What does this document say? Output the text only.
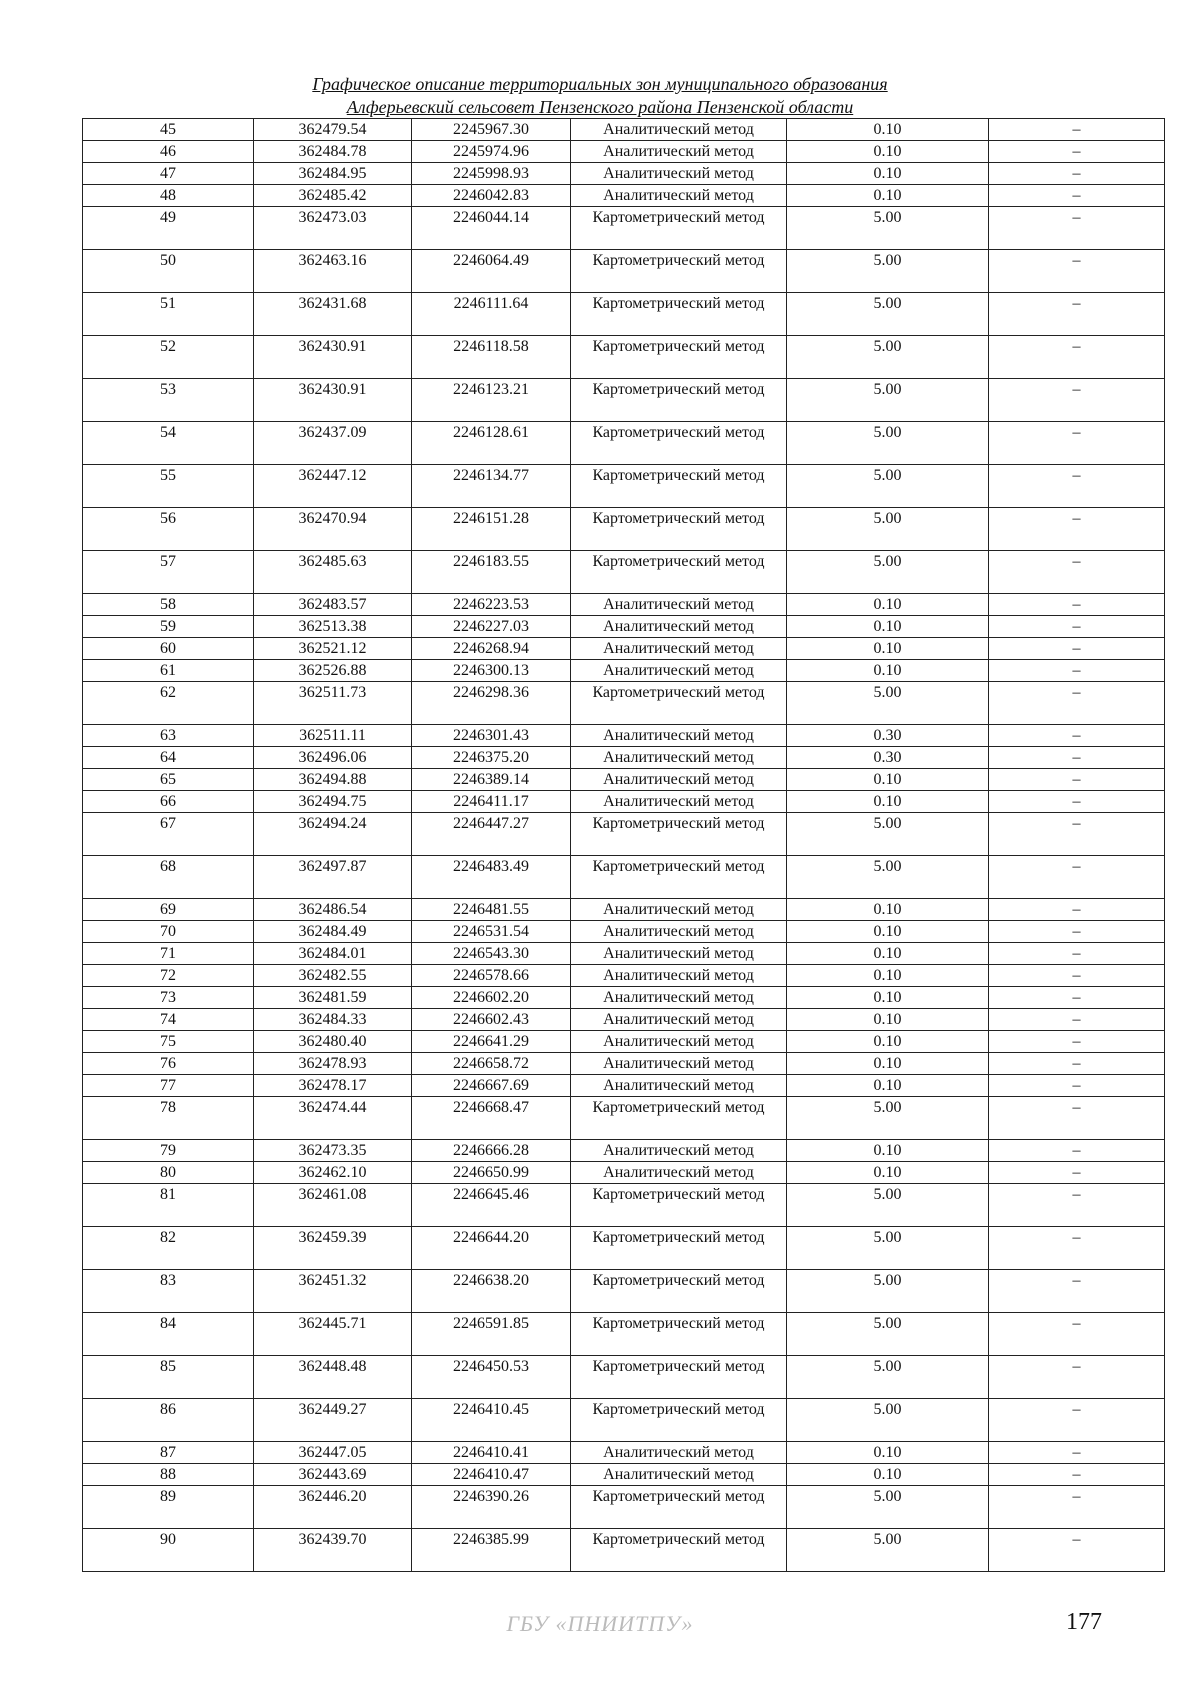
Графическое описание территориальных зон муниципального образования
Алферьевский сельсовет Пензенского района Пензенской области
45	362479.54	2245967.30	Аналитический метод	0.10	–
46	362484.78	2245974.96	Аналитический метод	0.10	–
47	362484.95	2245998.93	Аналитический метод	0.10	–
48	362485.42	2246042.83	Аналитический метод	0.10	–
49	362473.03	2246044.14	Картометрический метод	5.00	–
50	362463.16	2246064.49	Картометрический метод	5.00	–
51	362431.68	2246111.64	Картометрический метод	5.00	–
52	362430.91	2246118.58	Картометрический метод	5.00	–
53	362430.91	2246123.21	Картометрический метод	5.00	–
54	362437.09	2246128.61	Картометрический метод	5.00	–
55	362447.12	2246134.77	Картометрический метод	5.00	–
56	362470.94	2246151.28	Картометрический метод	5.00	–
57	362485.63	2246183.55	Картометрический метод	5.00	–
58	362483.57	2246223.53	Аналитический метод	0.10	–
59	362513.38	2246227.03	Аналитический метод	0.10	–
60	362521.12	2246268.94	Аналитический метод	0.10	–
61	362526.88	2246300.13	Аналитический метод	0.10	–
62	362511.73	2246298.36	Картометрический метод	5.00	–
63	362511.11	2246301.43	Аналитический метод	0.30	–
64	362496.06	2246375.20	Аналитический метод	0.30	–
65	362494.88	2246389.14	Аналитический метод	0.10	–
66	362494.75	2246411.17	Аналитический метод	0.10	–
67	362494.24	2246447.27	Картометрический метод	5.00	–
68	362497.87	2246483.49	Картометрический метод	5.00	–
69	362486.54	2246481.55	Аналитический метод	0.10	–
70	362484.49	2246531.54	Аналитический метод	0.10	–
71	362484.01	2246543.30	Аналитический метод	0.10	–
72	362482.55	2246578.66	Аналитический метод	0.10	–
73	362481.59	2246602.20	Аналитический метод	0.10	–
74	362484.33	2246602.43	Аналитический метод	0.10	–
75	362480.40	2246641.29	Аналитический метод	0.10	–
76	362478.93	2246658.72	Аналитический метод	0.10	–
77	362478.17	2246667.69	Аналитический метод	0.10	–
78	362474.44	2246668.47	Картометрический метод	5.00	–
79	362473.35	2246666.28	Аналитический метод	0.10	–
80	362462.10	2246650.99	Аналитический метод	0.10	–
81	362461.08	2246645.46	Картометрический метод	5.00	–
82	362459.39	2246644.20	Картометрический метод	5.00	–
83	362451.32	2246638.20	Картометрический метод	5.00	–
84	362445.71	2246591.85	Картометрический метод	5.00	–
85	362448.48	2246450.53	Картометрический метод	5.00	–
86	362449.27	2246410.45	Картометрический метод	5.00	–
87	362447.05	2246410.41	Аналитический метод	0.10	–
88	362443.69	2246410.47	Аналитический метод	0.10	–
89	362446.20	2246390.26	Картометрический метод	5.00	–
90	362439.70	2246385.99	Картометрический метод	5.00	–
ГБУ «ПНИИТПУ»	177
